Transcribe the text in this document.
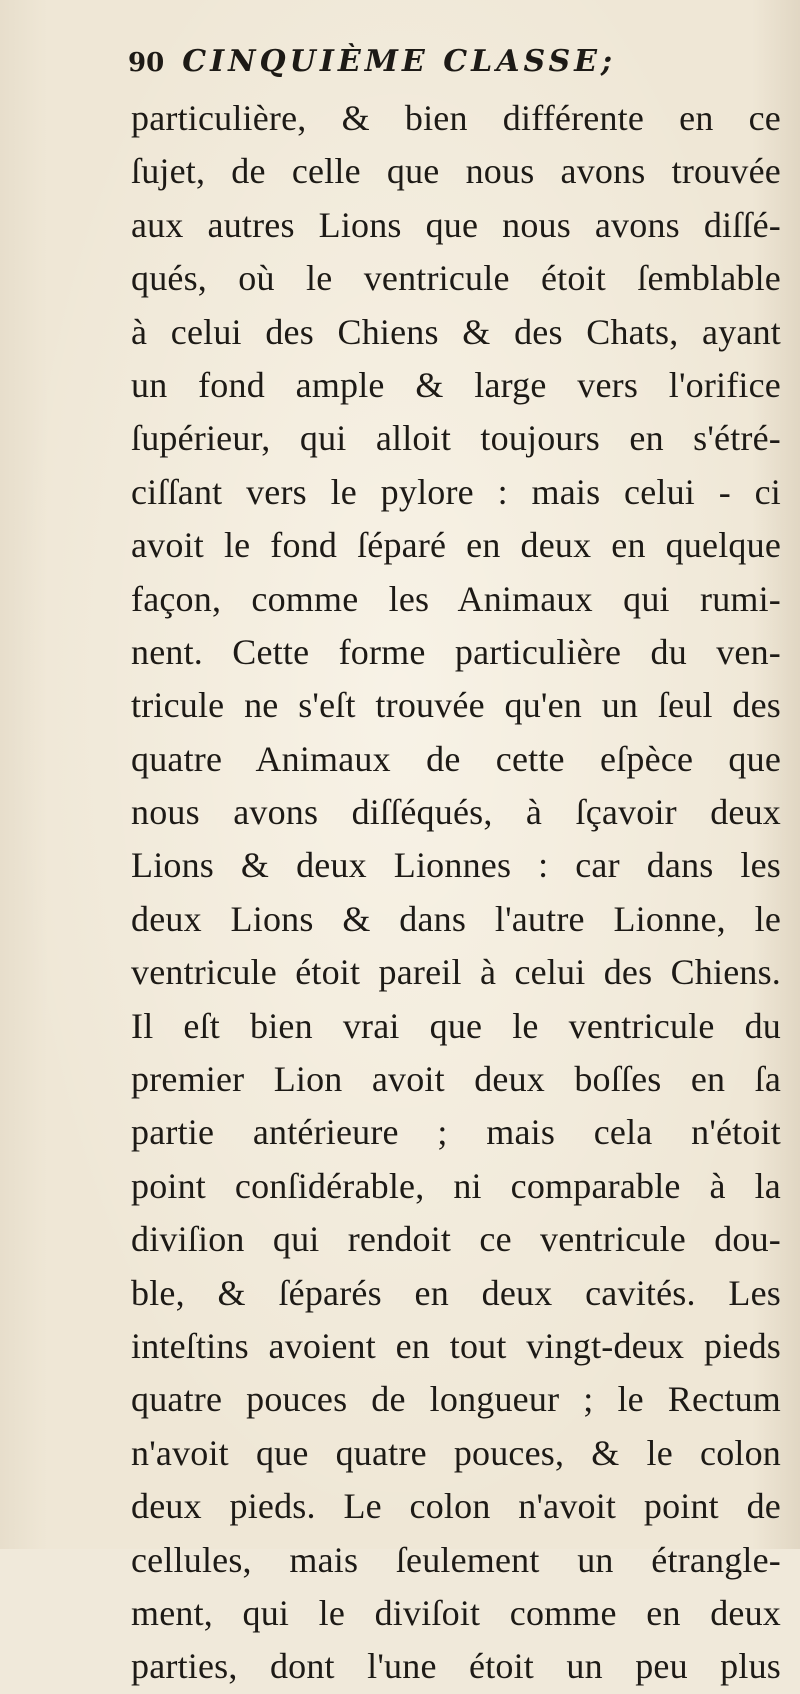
90 CINQUIÈME CLASSE;
particulière, & bien différente en ce
ſujet, de celle que nous avons trouvée
aux autres Lions que nous avons diſſé-
qués, où le ventricule étoit ſemblable
à celui des Chiens & des Chats, ayant
un fond ample & large vers l'orifice
ſupérieur, qui alloit toujours en s'étré-
ciſſant vers le pylore : mais celui - ci
avoit le fond ſéparé en deux en quelque
façon, comme les Animaux qui rumi-
nent. Cette forme particulière du ven-
tricule ne s'eſt trouvée qu'en un ſeul des
quatre Animaux de cette eſpèce que
nous avons diſſéqués, à ſçavoir deux
Lions & deux Lionnes : car dans les
deux Lions & dans l'autre Lionne, le
ventricule étoit pareil à celui des Chiens.
Il eſt bien vrai que le ventricule du
premier Lion avoit deux boſſes en ſa
partie antérieure ; mais cela n'étoit
point conſidérable, ni comparable à la
diviſion qui rendoit ce ventricule dou-
ble, & ſéparés en deux cavités. Les
inteſtins avoient en tout vingt-deux pieds
quatre pouces de longueur ; le Rectum
n'avoit que quatre pouces, & le colon
deux pieds. Le colon n'avoit point de
cellules, mais ſeulement un étrangle-
ment, qui le diviſoit comme en deux
parties, dont l'une étoit un peu plus
